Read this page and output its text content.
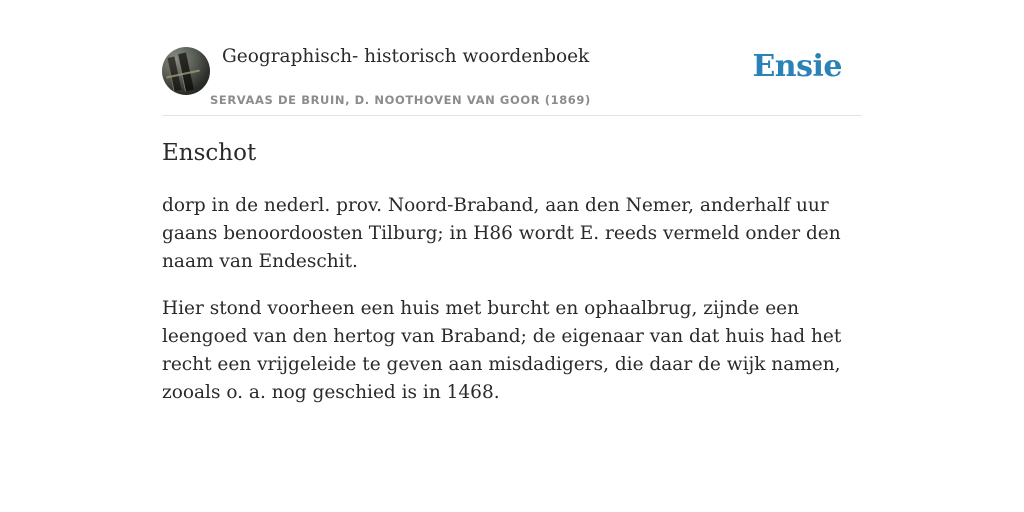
Geographisch- historisch woordenboek
SERVAAS DE BRUIN, D. NOOTHOVEN VAN GOOR (1869)
Ensie
Enschot

dorp in de nederl. prov. Noord-Braband, aan den Nemer, anderhalf uur gaans benoordoosten Tilburg; in H86 wordt E. reeds vermeld onder den naam van Endeschit.

Hier stond voorheen een huis met burcht en ophaalbrug, zijnde een leengoed van den hertog van Braband; de eigenaar van dat huis had het recht een vrijgeleide te geven aan misdadigers, die daar de wijk namen, zooals o. a. nog geschied is in 1468.
